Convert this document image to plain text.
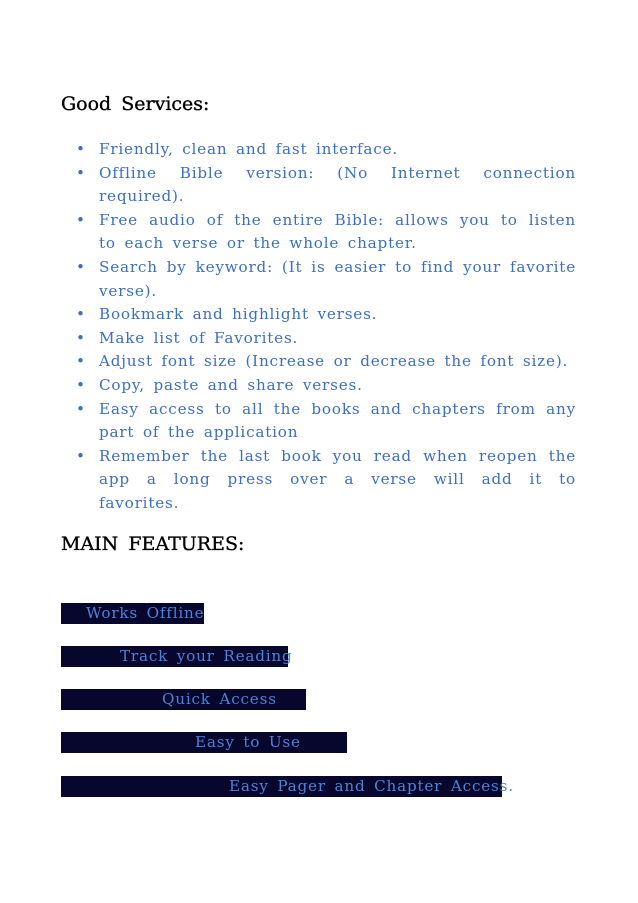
Good Services:
• Friendly, clean and fast interface.
• Offline Bible version: (No Internet connection required).
• Free audio of the entire Bible: allows you to listen to each verse or the whole chapter.
• Search by keyword: (It is easier to find your favorite verse).
• Bookmark and highlight verses.
• Make list of Favorites.
• Adjust font size (Increase or decrease the font size).
• Copy, paste and share verses.
• Easy access to all the books and chapters from any part of the application
• Remember the last book you read when reopen the app a long press over a verse will add it to favorites.
MAIN FEATURES:
Works Offline
Track your Reading
Quick Access
Easy to Use
Easy Pager and Chapter Access.
